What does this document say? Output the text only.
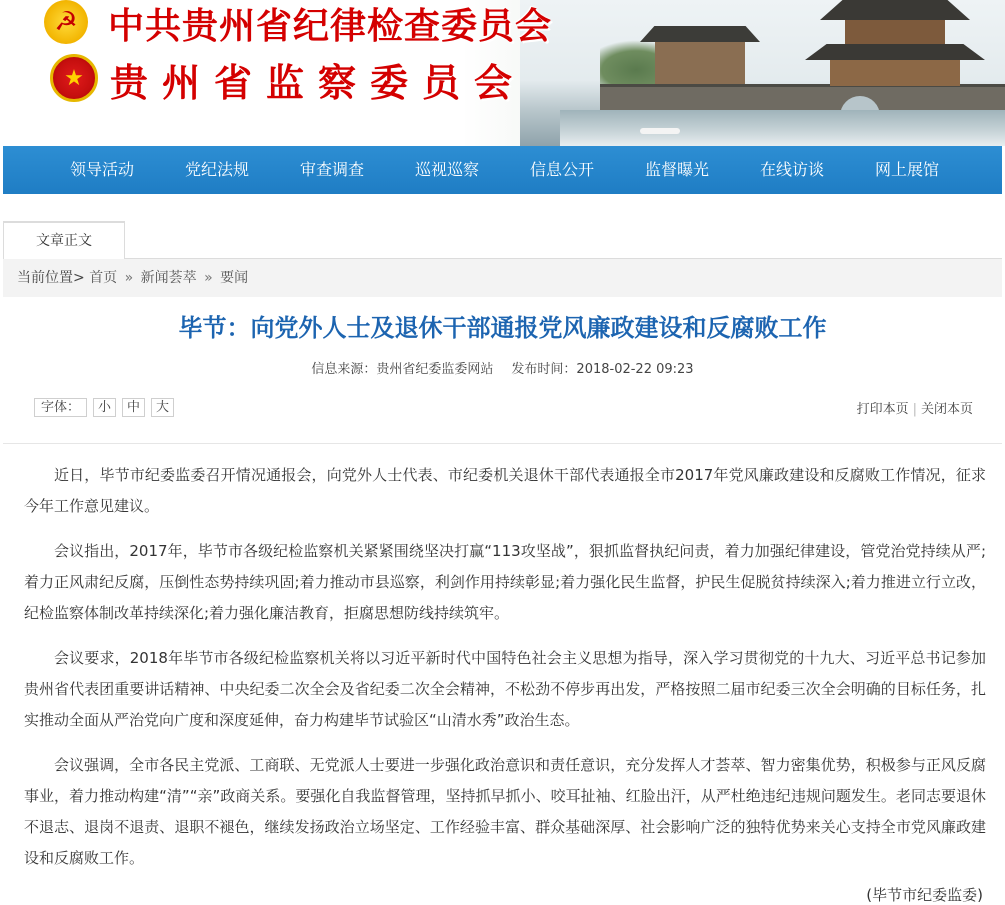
☭
★
中共贵州省纪律检查委员会
贵州省监察委员会
领导活动	党纪法规	审查调查	巡视巡察	信息公开	监督曝光	在线访谈	网上展馆
文章正文
当前位置> 首页 » 新闻荟萃 » 要闻
毕节：向党外人士及退休干部通报党风廉政建设和反腐败工作
信息来源：贵州省纪委监委网站 发布时间：2018-02-22 09:23
字体： 小 中 大	打印本页 | 关闭本页

近日，毕节市纪委监委召开情况通报会，向党外人士代表、市纪委机关退休干部代表通报全市2017年党风廉政建设和反腐败工作情况，征求今年工作意见建议。

会议指出，2017年，毕节市各级纪检监察机关紧紧围绕坚决打赢“113攻坚战”，狠抓监督执纪问责，着力加强纪律建设，管党治党持续从严;着力正风肃纪反腐，压倒性态势持续巩固;着力推动市县巡察，利剑作用持续彰显;着力强化民生监督，护民生促脱贫持续深入;着力推进立行立改，纪检监察体制改革持续深化;着力强化廉洁教育，拒腐思想防线持续筑牢。

会议要求，2018年毕节市各级纪检监察机关将以习近平新时代中国特色社会主义思想为指导，深入学习贯彻党的十九大、习近平总书记参加贵州省代表团重要讲话精神、中央纪委二次全会及省纪委二次全会精神，不松劲不停步再出发，严格按照二届市纪委三次全会明确的目标任务，扎实推动全面从严治党向广度和深度延伸，奋力构建毕节试验区“山清水秀”政治生态。

会议强调，全市各民主党派、工商联、无党派人士要进一步强化政治意识和责任意识，充分发挥人才荟萃、智力密集优势，积极参与正风反腐事业，着力推动构建“清”“亲”政商关系。要强化自我监督管理，坚持抓早抓小、咬耳扯袖、红脸出汗，从严杜绝违纪违规问题发生。老同志要退休不退志、退岗不退责、退职不褪色，继续发扬政治立场坚定、工作经验丰富、群众基础深厚、社会影响广泛的独特优势来关心支持全市党风廉政建设和反腐败工作。

(毕节市纪委监委)
